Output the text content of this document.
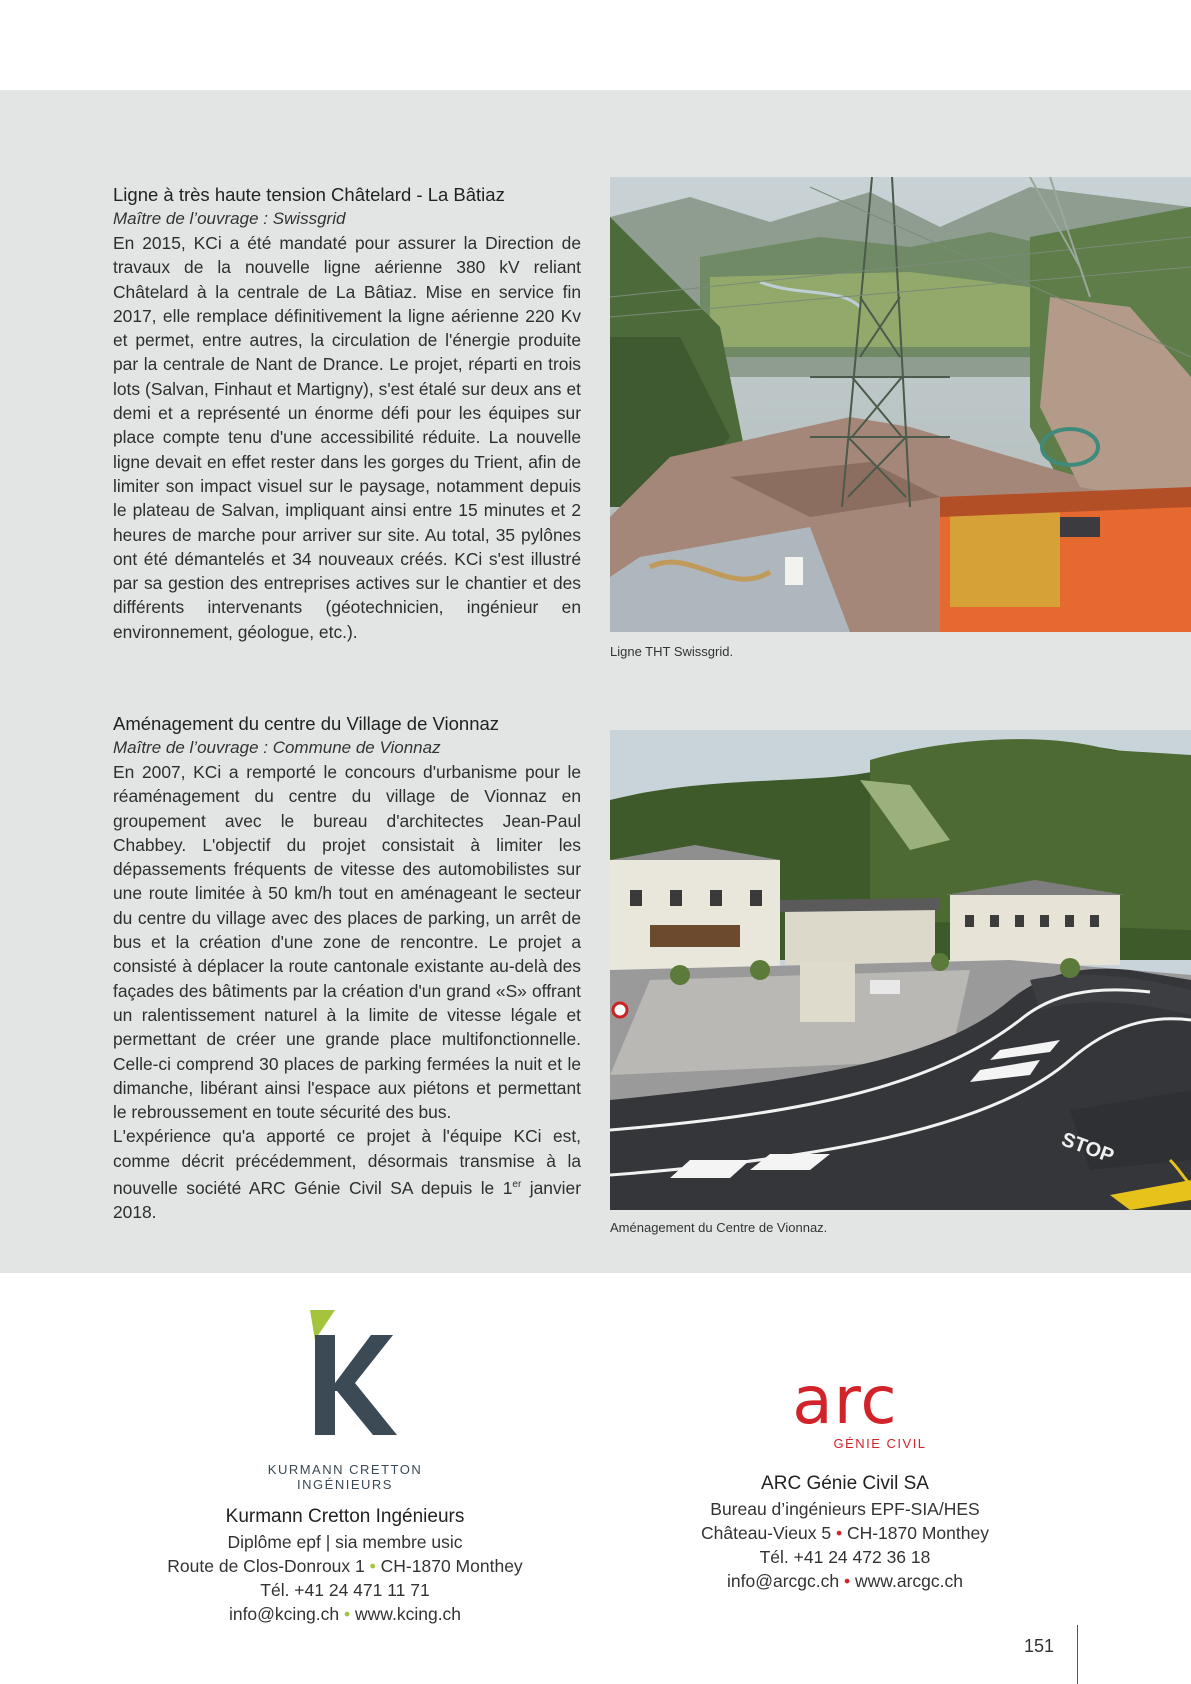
Ligne à très haute tension Châtelard - La Bâtiaz

Maître de l’ouvrage : Swissgrid

En 2015, KCi a été mandaté pour assurer la Direction de travaux de la nouvelle ligne aérienne 380 kV reliant Châtelard à la centrale de La Bâtiaz. Mise en service fin 2017, elle remplace définitivement la ligne aérienne 220 Kv et permet, entre autres, la circulation de l'énergie produite par la centrale de Nant de Drance. Le projet, réparti en trois lots (Salvan, Finhaut et Martigny), s'est étalé sur deux ans et demi et a représenté un énorme défi pour les équipes sur place compte tenu d'une accessibilité réduite. La nouvelle ligne devait en effet rester dans les gorges du Trient, afin de limiter son impact visuel sur le paysage, notamment depuis le plateau de Salvan, impliquant ainsi entre 15 minutes et 2 heures de marche pour arriver sur site. Au total, 35 pylônes ont été démantelés et 34 nouveaux créés. KCi s'est illustré par sa gestion des entreprises actives sur le chantier et des différents intervenants (géotechnicien, ingénieur en environnement, géologue, etc.).

Ligne THT Swissgrid.
Aménagement du centre du Village de Vionnaz

Maître de l’ouvrage : Commune de Vionnaz

En 2007, KCi a remporté le concours d'urbanisme pour le réaménagement du centre du village de Vionnaz en groupement avec le bureau d'architectes Jean-Paul Chabbey. L'objectif du projet consistait à limiter les dépassements fréquents de vitesse des automobilistes sur une route limitée à 50 km/h tout en aménageant le secteur du centre du village avec des places de parking, un arrêt de bus et la création d'une zone de rencontre. Le projet a consisté à déplacer la route cantonale existante au-delà des façades des bâtiments par la création d'un grand «S» offrant un ralentissement naturel à la limite de vitesse légale et permettant de créer une grande place multifonctionnelle. Celle-ci comprend 30 places de parking fermées la nuit et le dimanche, libérant ainsi l'espace aux piétons et permettant le rebroussement en toute sécurité des bus.

L'expérience qu'a apporté ce projet à l'équipe KCi est, comme décrit précédemment, désormais transmise à la nouvelle société ARC Génie Civil SA depuis le 1er janvier 2018.

STOP
Aménagement du Centre de Vionnaz.
KURMANN CRETTON
INGÉNIEURS
Kurmann Cretton Ingénieurs
Diplôme epf | sia membre usic
Route de Clos-Donroux 1 • CH-1870 Monthey
Tél. +41 24 471 11 71
info@kcing.ch • www.kcing.ch
arc
GÉNIE CIVIL
ARC Génie Civil SA
Bureau d’ingénieurs EPF-SIA/HES
Château-Vieux 5 • CH-1870 Monthey
Tél. +41 24 472 36 18
info@arcgc.ch • www.arcgc.ch
151
